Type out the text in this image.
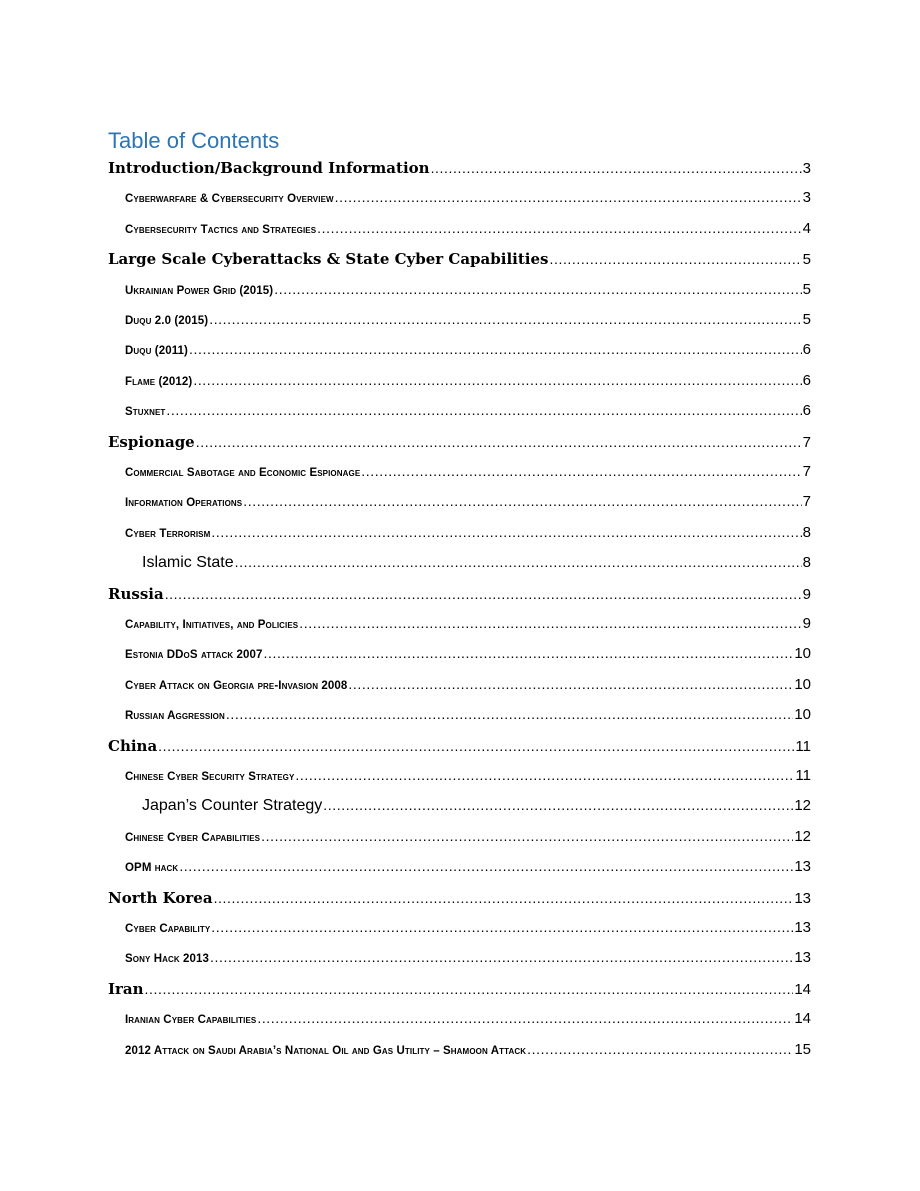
Table of Contents
Introduction/Background Information .....	3
Cyberwarfare & Cybersecurity Overview .....	3
Cybersecurity Tactics and Strategies .....	4
Large Scale Cyberattacks & State Cyber Capabilities .....	5
Ukrainian Power Grid (2015) .....	5
Duqu 2.0 (2015) .....	5
Duqu (2011) .....	6
Flame (2012) .....	6
Stuxnet .....	6
Espionage .....	7
Commercial Sabotage and Economic Espionage .....	7
Information Operations .....	7
Cyber Terrorism .....	8
Islamic State .....	8
Russia .....	9
Capability, Initiatives, and Policies .....	9
Estonia DDoS attack 2007 .....	10
Cyber Attack on Georgia pre-Invasion 2008 .....	10
Russian Aggression .....	10
China .....	11
Chinese Cyber Security Strategy .....	11
Japan’s Counter Strategy .....	12
Chinese Cyber Capabilities .....	12
OPM hack .....	13
North Korea .....	13
Cyber Capability .....	13
Sony Hack 2013 .....	13
Iran .....	14
Iranian Cyber Capabilities .....	14
2012 Attack on Saudi Arabia’s National Oil and Gas Utility – Shamoon Attack .....	15
